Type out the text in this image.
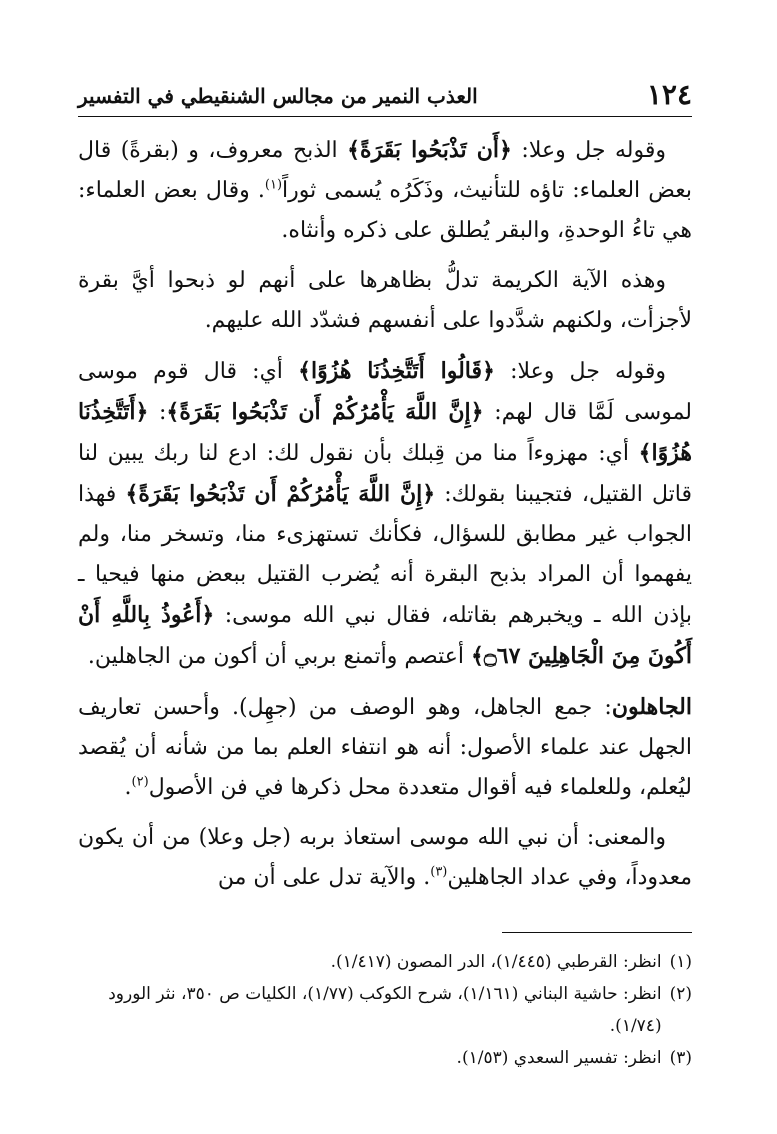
١٢٤
العذب النمير من مجالس الشنقيطي في التفسير

وقوله جل وعلا: ﴿أَن تَذْبَحُوا بَقَرَةً﴾ الذبح معروف، و (بقرةً) قال بعض العلماء: تاؤه للتأنيث، وذَكَرُه يُسمى ثوراً$^{(١)}$. وقال بعض العلماء: هي تاءُ الوحدةِ، والبقر يُطلق على ذكره وأنثاه.

وهذه الآية الكريمة تدلُّ بظاهرها على أنهم لو ذبحوا أيَّ بقرة لأجزأت، ولكنهم شدَّدوا على أنفسهم فشدّد الله عليهم.

وقوله جل وعلا: ﴿قَالُوا أَتَتَّخِذُنَا هُزُوًا﴾ أي: قال قوم موسى لموسى لَمَّا قال لهم: ﴿إِنَّ اللَّهَ يَأْمُرُكُمْ أَن تَذْبَحُوا بَقَرَةً﴾: ﴿أَتَتَّخِذُنَا هُزُوًا﴾ أي: مهزوءاً منا من قِبلك بأن نقول لك: ادع لنا ربك يبين لنا قاتل القتيل، فتجيبنا بقولك: ﴿إِنَّ اللَّهَ يَأْمُرُكُمْ أَن تَذْبَحُوا بَقَرَةً﴾ فهذا الجواب غير مطابق للسؤال، فكأنك تستهزىء منا، وتسخر منا، ولم يفهموا أن المراد بذبح البقرة أنه يُضرب القتيل ببعض منها فيحيا ـ بإذن الله ـ ويخبرهم بقاتله، فقال نبي الله موسى: ﴿أَعُوذُ بِاللَّهِ أَنْ أَكُونَ مِنَ الْجَاهِلِينَ ۝٦٧﴾ أعتصم وأتمنع بربي أن أكون من الجاهلين.

الجاهلون: جمع الجاهل، وهو الوصف من (جهِل). وأحسن تعاريف الجهل عند علماء الأصول: أنه هو انتفاء العلم بما من شأنه أن يُقصد ليُعلم، وللعلماء فيه أقوال متعددة محل ذكرها في فن الأصول$^{(٢)}$.

والمعنى: أن نبي الله موسى استعاذ بربه (جل وعلا) من أن يكون معدوداً، وفي عداد الجاهلين$^{(٣)}$. والآية تدل على أن من

(١)
انظر: القرطبي (١/٤٤٥)، الدر المصون (١/٤١٧).
(٢)
انظر: حاشية البناني (١/١٦١)، شرح الكوكب (١/٧٧)، الكليات ص ٣٥٠، نثر الورود (١/٧٤).
(٣)
انظر: تفسير السعدي (١/٥٣).
